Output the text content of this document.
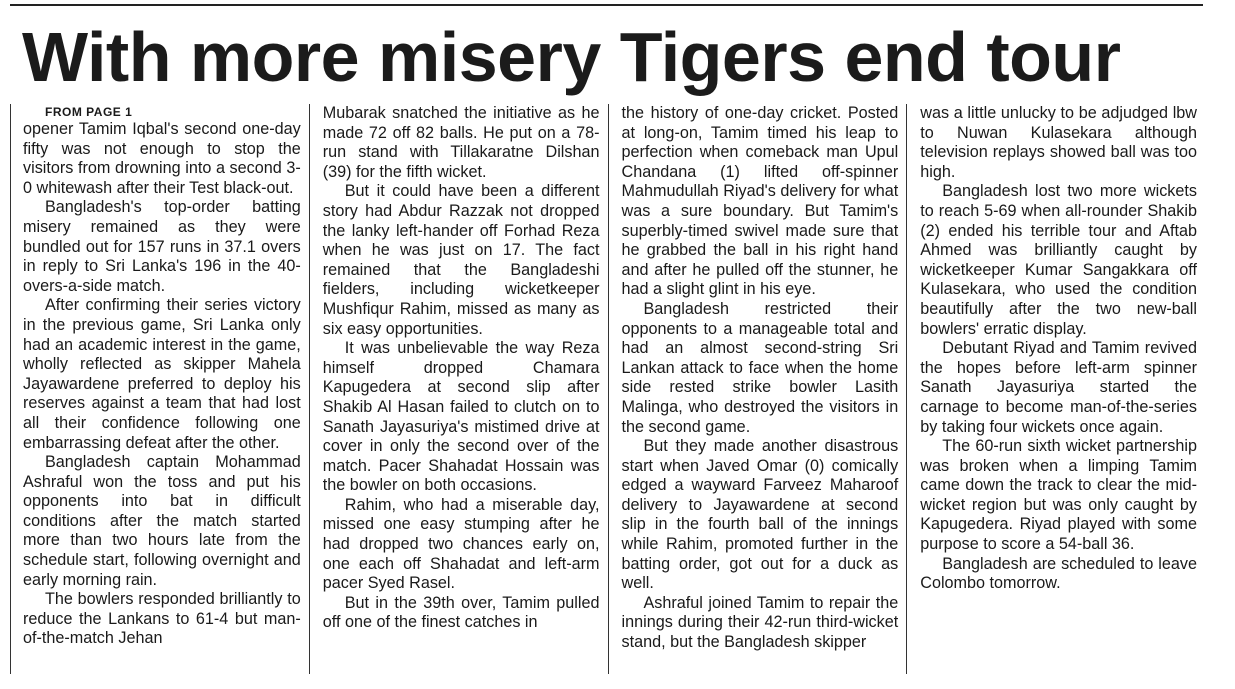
With more misery Tigers end tour

FROM PAGE 1

opener Tamim Iqbal's second one-day fifty was not enough to stop the visitors from drowning into a second 3-0 whitewash after their Test black-out.

Bangladesh's top-order batting misery remained as they were bundled out for 157 runs in 37.1 overs in reply to Sri Lanka's 196 in the 40-overs-a-side match.

After confirming their series victory in the previous game, Sri Lanka only had an academic interest in the game, wholly reflected as skipper Mahela Jayawardene preferred to deploy his reserves against a team that had lost all their confidence following one embarrassing defeat after the other.

Bangladesh captain Mohammad Ashraful won the toss and put his opponents into bat in difficult conditions after the match started more than two hours late from the schedule start, following overnight and early morning rain.

The bowlers responded brilliantly to reduce the Lankans to 61-4 but man-of-the-match Jehan

Mubarak snatched the initiative as he made 72 off 82 balls. He put on a 78-run stand with Tillakaratne Dilshan (39) for the fifth wicket.

But it could have been a different story had Abdur Razzak not dropped the lanky left-hander off Forhad Reza when he was just on 17. The fact remained that the Bangladeshi fielders, including wicketkeeper Mushfiqur Rahim, missed as many as six easy opportunities.

It was unbelievable the way Reza himself dropped Chamara Kapugedera at second slip after Shakib Al Hasan failed to clutch on to Sanath Jayasuriya's mistimed drive at cover in only the second over of the match. Pacer Shahadat Hossain was the bowler on both occasions.

Rahim, who had a miserable day, missed one easy stumping after he had dropped two chances early on, one each off Shahadat and left-arm pacer Syed Rasel.

But in the 39th over, Tamim pulled off one of the finest catches in

the history of one-day cricket. Posted at long-on, Tamim timed his leap to perfection when comeback man Upul Chandana (1) lifted off-spinner Mahmudullah Riyad's delivery for what was a sure boundary. But Tamim's superbly-timed swivel made sure that he grabbed the ball in his right hand and after he pulled off the stunner, he had a slight glint in his eye.

Bangladesh restricted their opponents to a manageable total and had an almost second-string Sri Lankan attack to face when the home side rested strike bowler Lasith Malinga, who destroyed the visitors in the second game.

But they made another disastrous start when Javed Omar (0) comically edged a wayward Farveez Maharoof delivery to Jayawardene at second slip in the fourth ball of the innings while Rahim, promoted further in the batting order, got out for a duck as well.

Ashraful joined Tamim to repair the innings during their 42-run third-wicket stand, but the Bangladesh skipper

was a little unlucky to be adjudged lbw to Nuwan Kulasekara although television replays showed ball was too high.

Bangladesh lost two more wickets to reach 5-69 when all-rounder Shakib (2) ended his terrible tour and Aftab Ahmed was brilliantly caught by wicketkeeper Kumar Sangakkara off Kulasekara, who used the condition beautifully after the two new-ball bowlers' erratic display.

Debutant Riyad and Tamim revived the hopes before left-arm spinner Sanath Jayasuriya started the carnage to become man-of-the-series by taking four wickets once again.

The 60-run sixth wicket partnership was broken when a limping Tamim came down the track to clear the mid-wicket region but was only caught by Kapugedera. Riyad played with some purpose to score a 54-ball 36.

Bangladesh are scheduled to leave Colombo tomorrow.
